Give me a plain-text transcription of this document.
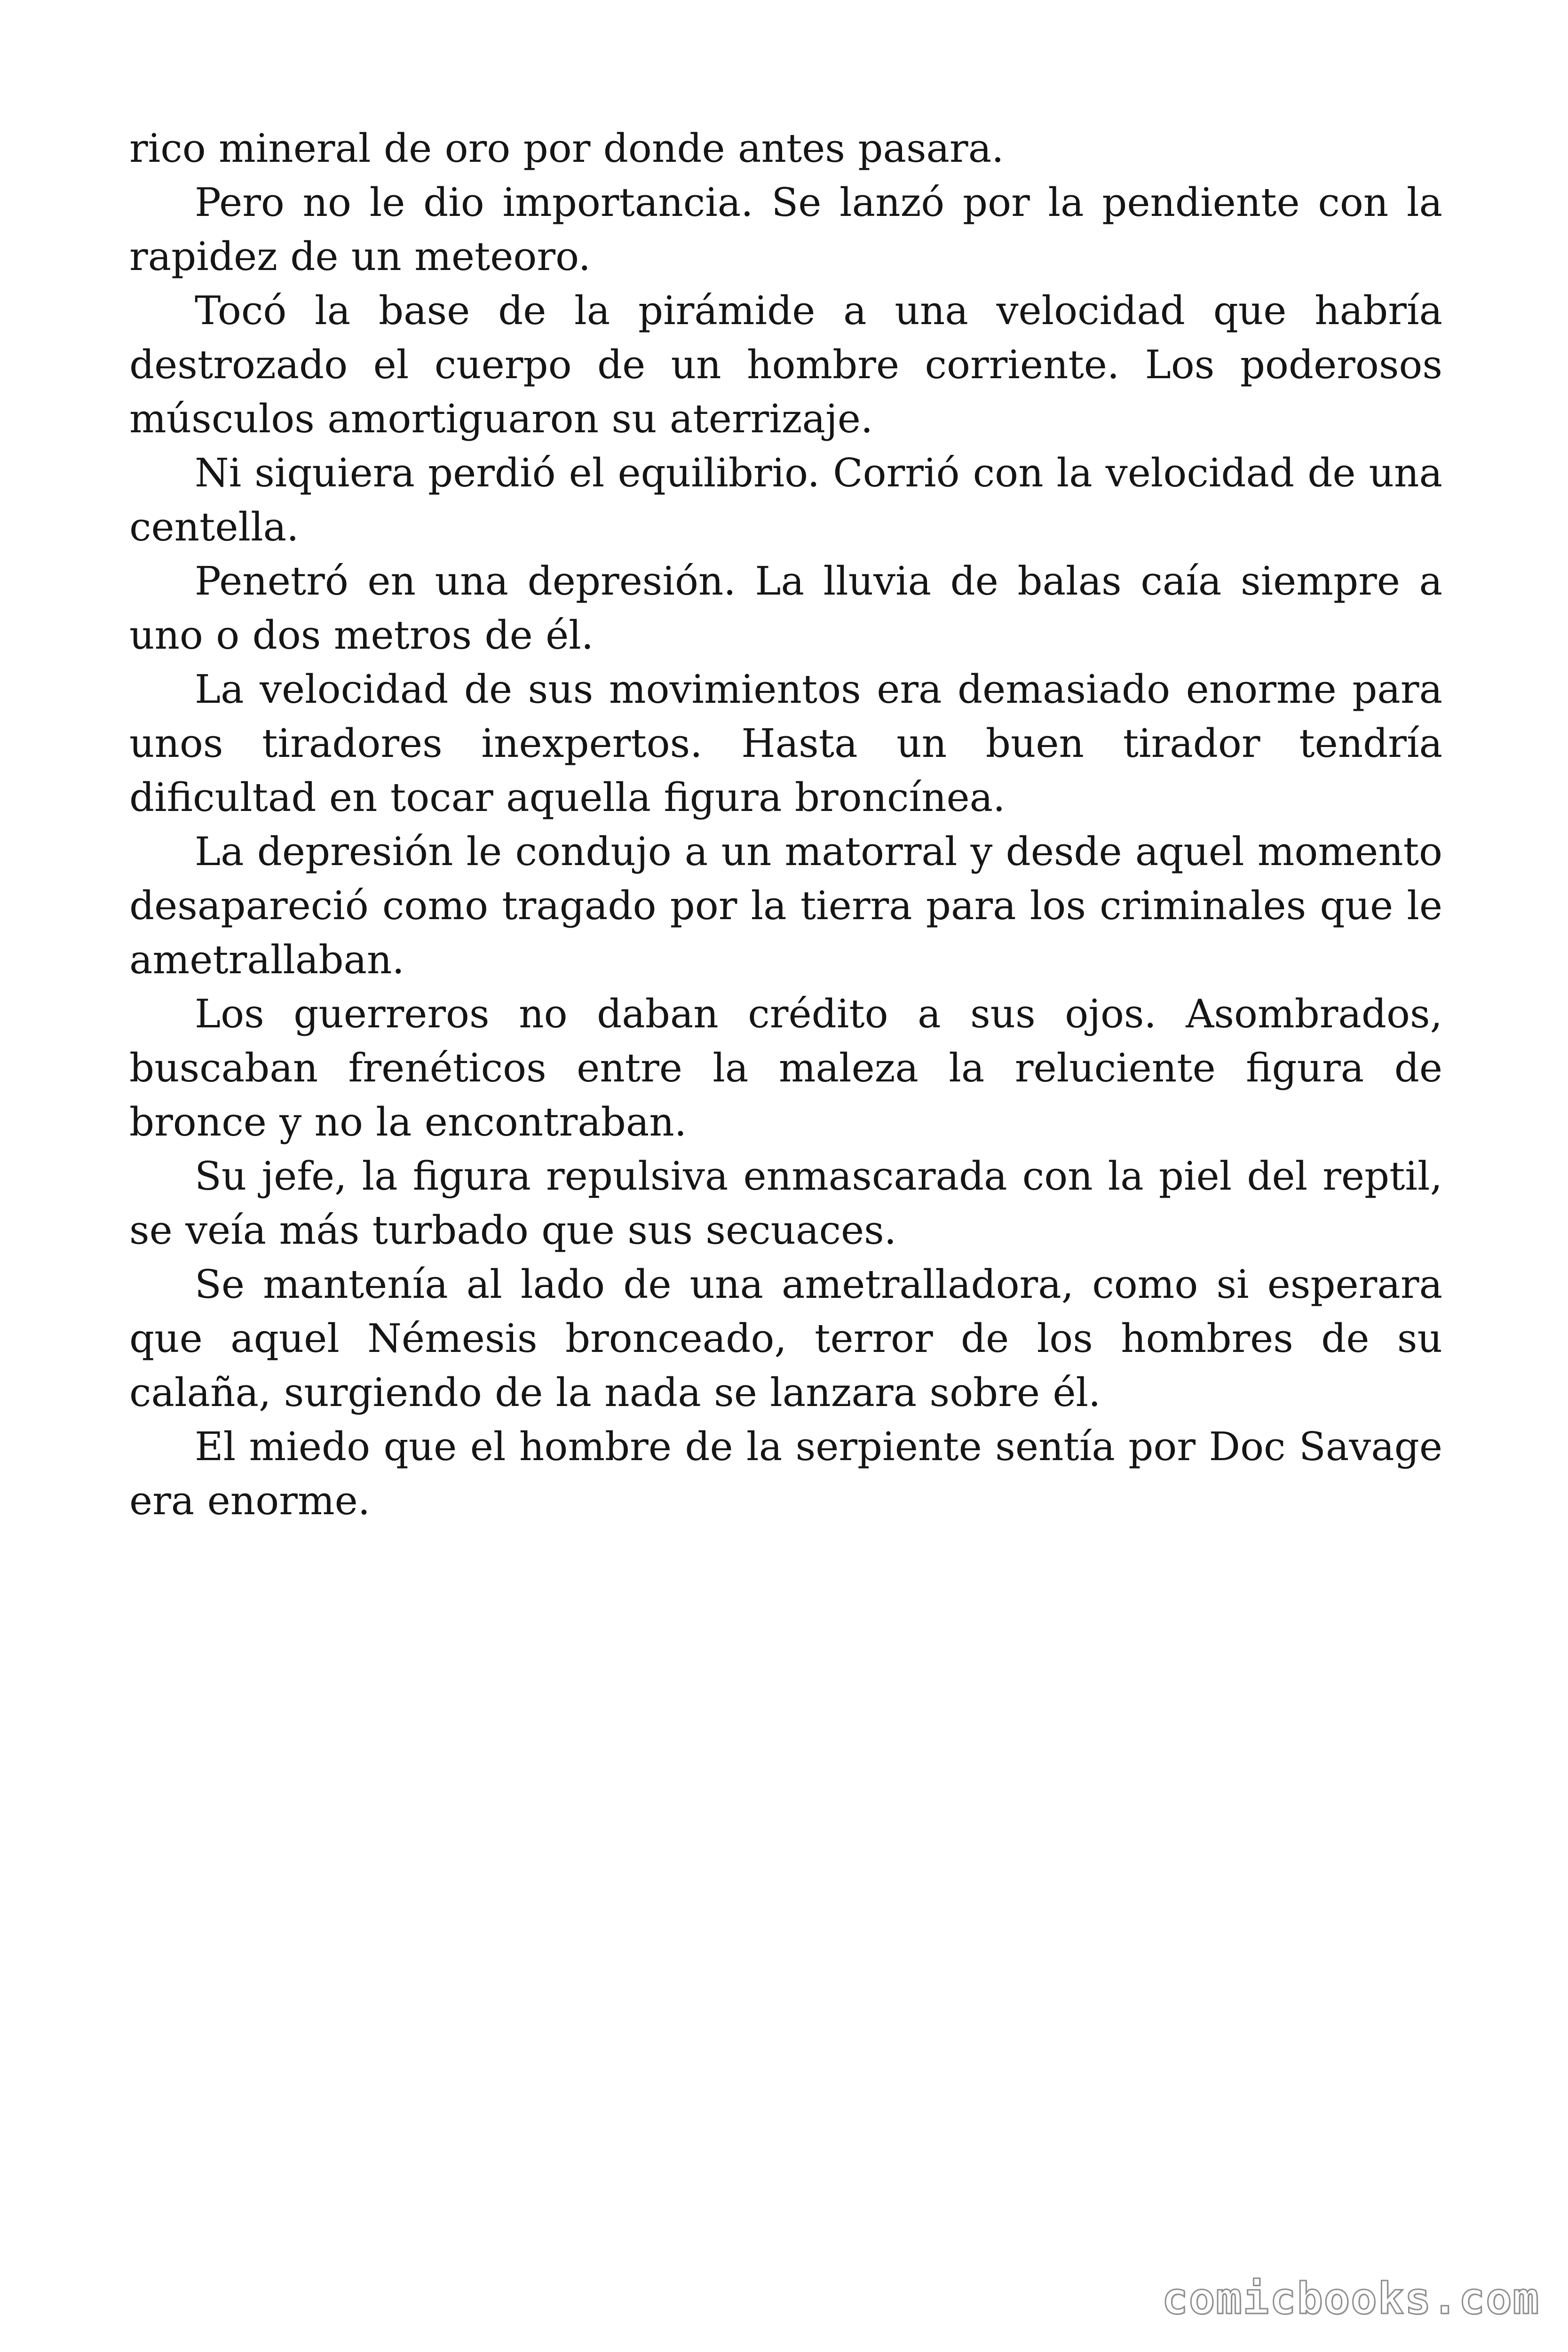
rico mineral de oro por donde antes pasara.

Pero no le dio importancia. Se lanzó por la pendiente con la rapidez de un meteoro.

Tocó la base de la pirámide a una velocidad que habría destrozado el cuerpo de un hombre corriente. Los poderosos músculos amortiguaron su aterrizaje.

Ni siquiera perdió el equilibrio. Corrió con la velocidad de una centella.

Penetró en una depresión. La lluvia de balas caía siempre a uno o dos metros de él.

La velocidad de sus movimientos era demasiado enorme para unos tiradores inexpertos. Hasta un buen tirador tendría dificultad en tocar aquella figura broncínea.

La depresión le condujo a un matorral y desde aquel momento desapareció como tragado por la tierra para los criminales que le ametrallaban.

Los guerreros no daban crédito a sus ojos. Asombrados, buscaban frenéticos entre la maleza la reluciente figura de bronce y no la encontraban.

Su jefe, la figura repulsiva enmascarada con la piel del reptil, se veía más turbado que sus secuaces.

Se mantenía al lado de una ametralladora, como si esperara que aquel Némesis bronceado, terror de los hombres de su calaña, surgiendo de la nada se lanzara sobre él.

El miedo que el hombre de la serpiente sentía por Doc Savage era enorme.

comicbooks.com
